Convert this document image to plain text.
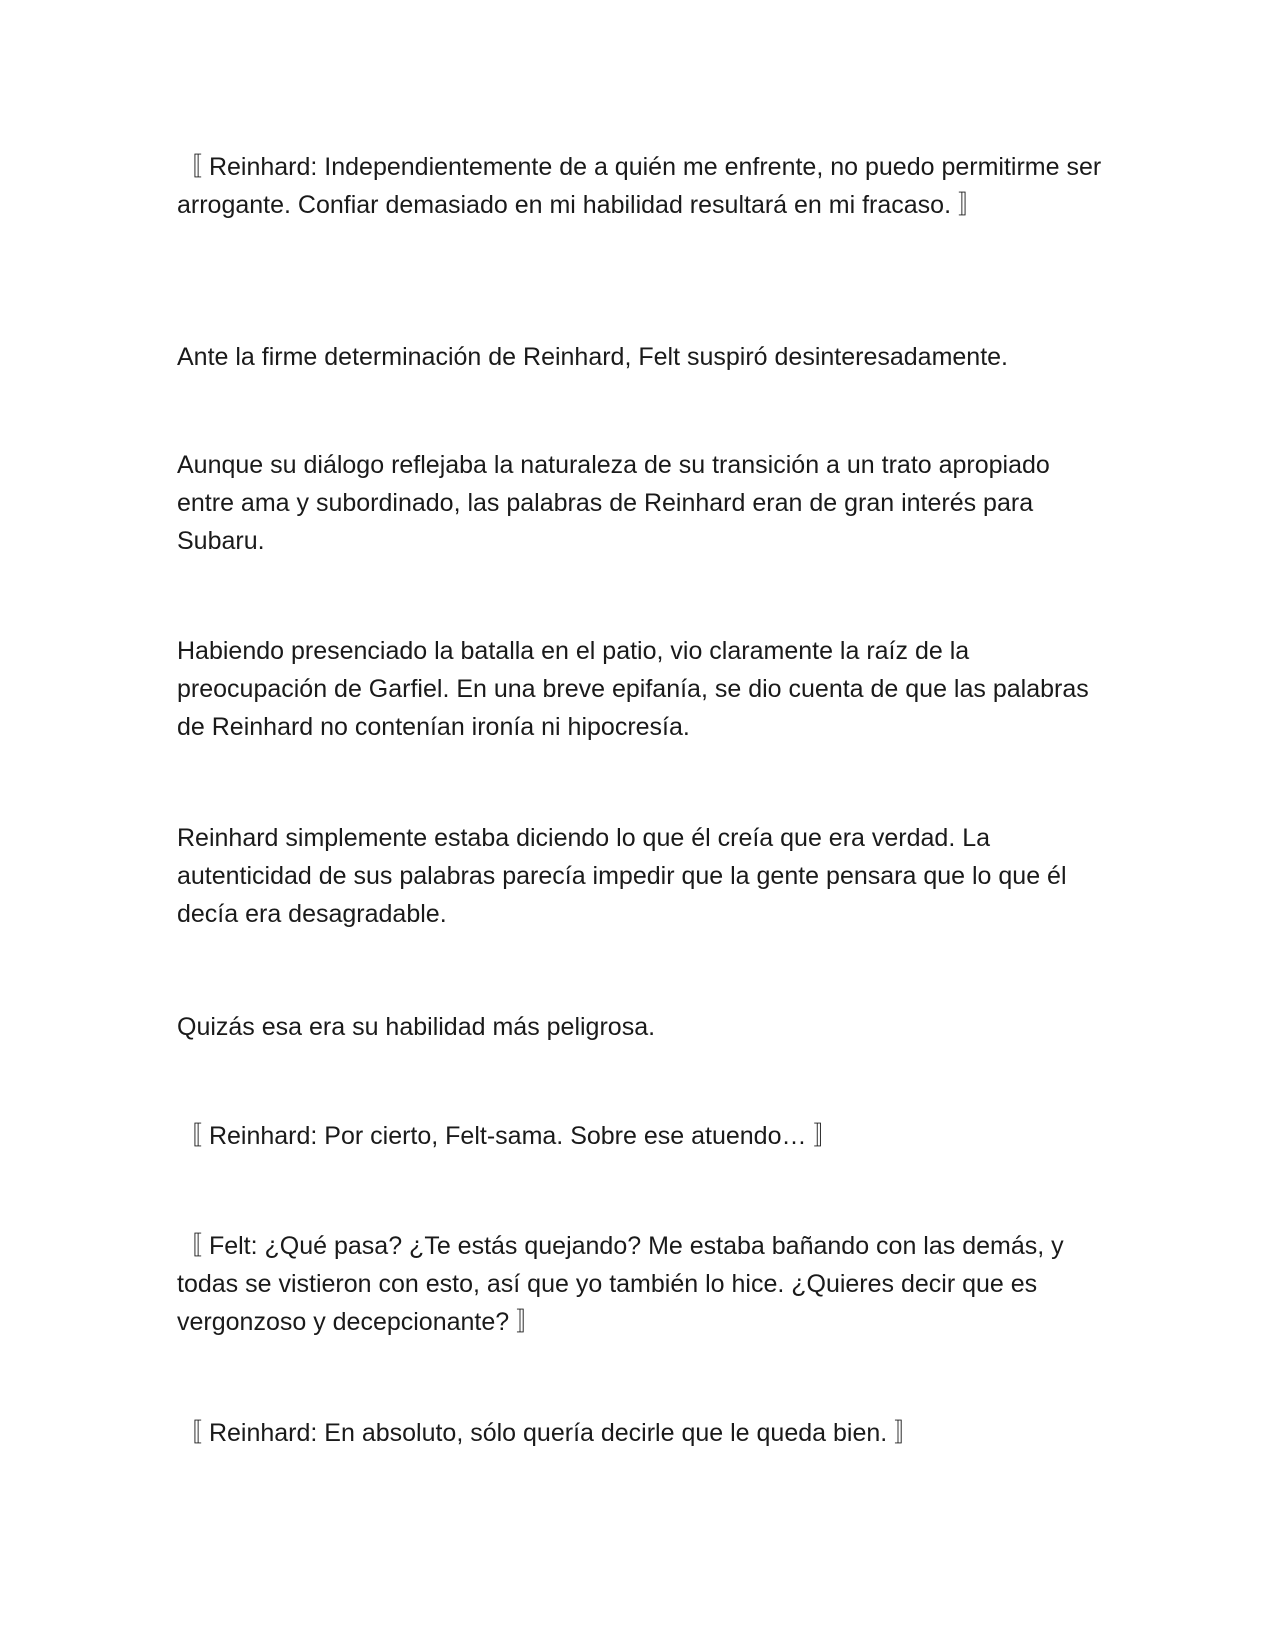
〚 Reinhard: Independientemente de a quién me enfrente, no puedo permitirme ser arrogante. Confiar demasiado en mi habilidad resultará en mi fracaso. 〛

Ante la firme determinación de Reinhard, Felt suspiró desinteresadamente.

Aunque su diálogo reflejaba la naturaleza de su transición a un trato apropiado entre ama y subordinado, las palabras de Reinhard eran de gran interés para Subaru.

Habiendo presenciado la batalla en el patio, vio claramente la raíz de la preocupación de Garfiel. En una breve epifanía, se dio cuenta de que las palabras de Reinhard no contenían ironía ni hipocresía.

Reinhard simplemente estaba diciendo lo que él creía que era verdad. La autenticidad de sus palabras parecía impedir que la gente pensara que lo que él decía era desagradable.

Quizás esa era su habilidad más peligrosa.

〚 Reinhard: Por cierto, Felt-sama. Sobre ese atuendo… 〛

〚 Felt: ¿Qué pasa? ¿Te estás quejando? Me estaba bañando con las demás, y todas se vistieron con esto, así que yo también lo hice. ¿Quieres decir que es vergonzoso y decepcionante? 〛

〚 Reinhard: En absoluto, sólo quería decirle que le queda bien. 〛
